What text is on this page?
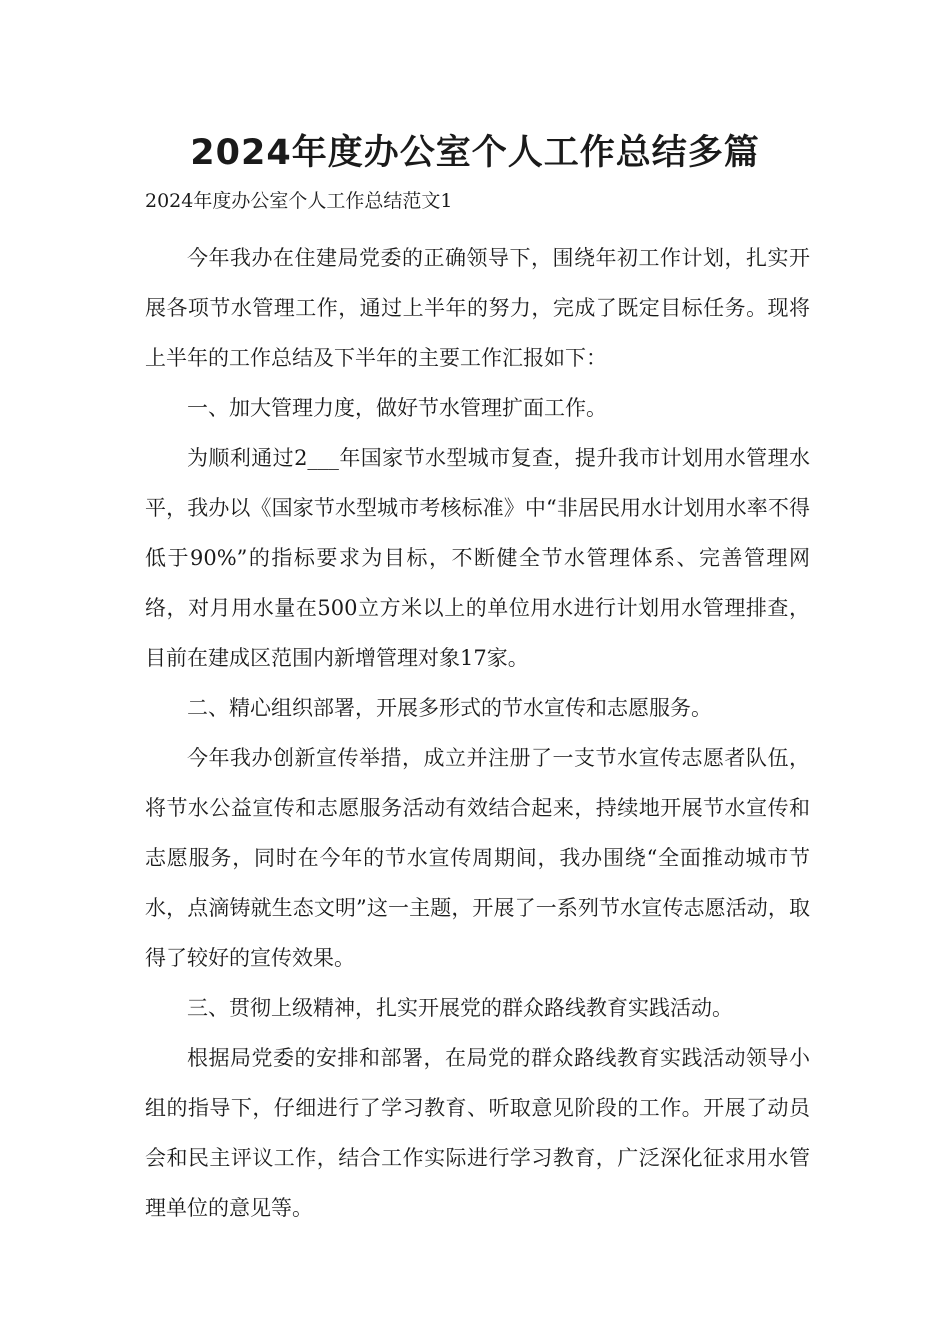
2024年度办公室个人工作总结多篇
2024年度办公室个人工作总结范文1

今年我办在住建局党委的正确领导下，围绕年初工作计划，扎实开展各项节水管理工作，通过上半年的努力，完成了既定目标任务。现将上半年的工作总结及下半年的主要工作汇报如下：

一、加大管理力度，做好节水管理扩面工作。

为顺利通过2___年国家节水型城市复查，提升我市计划用水管理水平，我办以《国家节水型城市考核标准》中“非居民用水计划用水率不得低于90%”的指标要求为目标，不断健全节水管理体系、完善管理网络，对月用水量在500立方米以上的单位用水进行计划用水管理排查，目前在建成区范围内新增管理对象17家。

二、精心组织部署，开展多形式的节水宣传和志愿服务。

今年我办创新宣传举措，成立并注册了一支节水宣传志愿者队伍，将节水公益宣传和志愿服务活动有效结合起来，持续地开展节水宣传和志愿服务，同时在今年的节水宣传周期间，我办围绕“全面推动城市节水，点滴铸就生态文明”这一主题，开展了一系列节水宣传志愿活动，取得了较好的宣传效果。

三、贯彻上级精神，扎实开展党的群众路线教育实践活动。

根据局党委的安排和部署，在局党的群众路线教育实践活动领导小组的指导下，仔细进行了学习教育、听取意见阶段的工作。开展了动员会和民主评议工作，结合工作实际进行学习教育，广泛深化征求用水管理单位的意见等。
